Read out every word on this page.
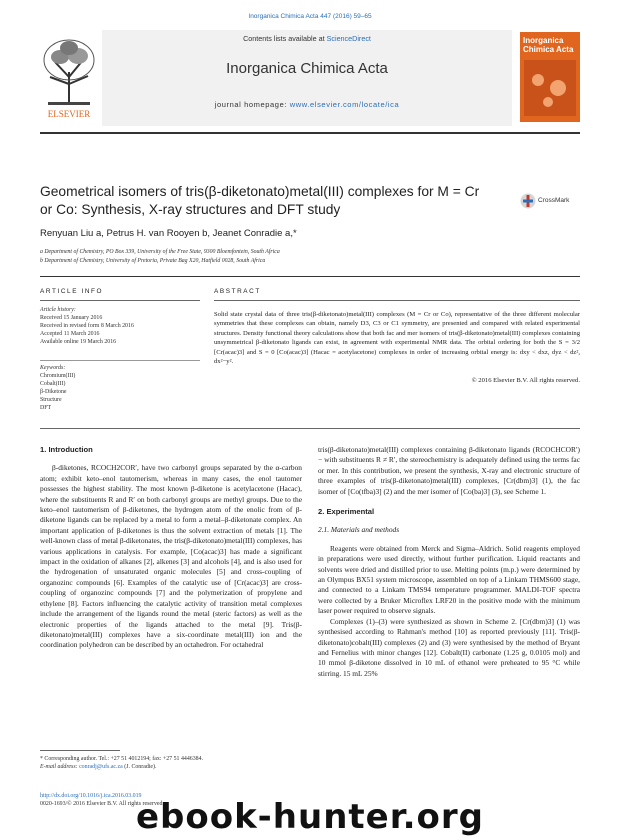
Inorganica Chimica Acta 447 (2016) 59–65
ELSEVIER
Contents lists available at ScienceDirect
Inorganica Chimica Acta
journal homepage: www.elsevier.com/locate/ica
Inorganica Chimica Acta
Geometrical isomers of tris(β-diketonato)metal(III) complexes for M = Cr or Co: Synthesis, X-ray structures and DFT study
CrossMark
Renyuan Liu a, Petrus H. van Rooyen b, Jeanet Conradie a,*
a Department of Chemistry, PO Box 339, University of the Free State, 9300 Bloemfontein, South Africa
b Department of Chemistry, University of Pretoria, Private Bag X20, Hatfield 0028, South Africa
ARTICLE INFO
Article history:
Received 15 January 2016
Received in revised form 8 March 2016
Accepted 11 March 2016
Available online 19 March 2016
Keywords:
Chromium(III)
Cobalt(III)
β-Diketone
Structure
DFT
ABSTRACT
Solid state crystal data of three tris(β-diketonato)metal(III) complexes (M = Cr or Co), representative of the three different molecular symmetries that these complexes can obtain, namely D3, C3 or C1 symmetry, are presented and compared with related experimental structures. Density functional theory calculations show that both fac and mer isomers of tris(β-diketonato)metal(III) complexes containing unsymmetrical β-diketonato ligands can exist, in agreement with experimental NMR data. The orbital ordering for both the S = 3/2 [Cr(acac)3] and S = 0 [Co(acac)3] (Hacac = acetylacetone) complexes in order of increasing orbital energy is: dxy < dxz, dyz < dz², dx²−y².
© 2016 Elsevier B.V. All rights reserved.
1. Introduction

β-diketones, RCOCH2COR′, have two carbonyl groups separated by the α-carbon atom; exhibit keto–enol tautomerism, whereas in many cases, the enol tautomer possesses the highest stability. The most known β-diketone is acetylacetone (Hacac), where the substituents R and R′ on both carbonyl groups are methyl groups. Due to the keto–enol tautomerism of β-diketones, the hydrogen atom of the enolic from of β-diketone ligands can be replaced by a metal to form a metal–β-diketonate complex. An important application of β-diketones is thus the solvent extraction of metals [1]. The well-known class of metal β-diketonates, the tris(β-diketonato)metal(III) complexes, has various applications in catalysis. For example, [Co(acac)3] has made a significant impact in the oxidation of alkanes [2], alkenes [3] and alcohols [4], and is also used for the hydrogenation of unsaturated organic molecules [5] and cross-coupling of organozinc compounds [6]. Examples of the catalytic use of [Cr(acac)3] are cross-coupling of organozinc compounds [7] and the polymerization of propylene and ethylene [8]. Factors influencing the catalytic activity of transition metal complexes include the arrangement of the ligands round the metal (steric factors) as well as the electronic properties of the ligands attached to the metal [9]. Tris(β-diketonato)metal(III) complexes have a six-coordinate metal(III) ion and the coordination polyhedron can be described by an octahedron. For octahedral

tris(β-diketonato)metal(III) complexes containing β-diketonato ligands (RCOCHCOR′)− with substituents R ≠ R′, the stereochemistry is adequately defined using the terms fac or mer. In this contribution, we present the synthesis, X-ray and electronic structure of three examples of tris(β-diketonato)metal(III) complexes, [Cr(dbm)3] (1), the fac isomer of [Co(tfba)3] (2) and the mer isomer of [Co(ba)3] (3), see Scheme 1.

2. Experimental
2.1. Materials and methods

Reagents were obtained from Merck and Sigma–Aldrich. Solid reagents employed in preparations were used directly, without further purification. Liquid reactants and solvents were dried and distilled prior to use. Melting points (m.p.) were determined by an Olympus BX51 system microscope, assembled on top of a Linkam THMS600 stage, and connected to a Linkam TMS94 temperature programmer. MALDI-TOF spectra were collected by a Bruker Microflex LRF20 in the positive mode with the minimum laser power required to observe signals.

Complexes (1)–(3) were synthesized as shown in Scheme 2. [Cr(dbm)3] (1) was synthesised according to Rahman's method [10] as reported previously [11]. Tris(β-diketonato)cobalt(III) complexes (2) and (3) were synthesised by the method of Bryant and Fernelius with minor changes [12]. Cobalt(II) carbonate (1.25 g, 0.0105 mol) and 10 mmol β-diketone dissolved in 10 mL of ethanol were preheated to 95 °C while stirring. 15 mL 25%

* Corresponding author. Tel.: +27 51 4012194; fax: +27 51 4446384.
E-mail address: conradj@ufs.ac.za (J. Conradie).
http://dx.doi.org/10.1016/j.ica.2016.03.019
0020-1693/© 2016 Elsevier B.V. All rights reserved.
ebook-hunter.org
